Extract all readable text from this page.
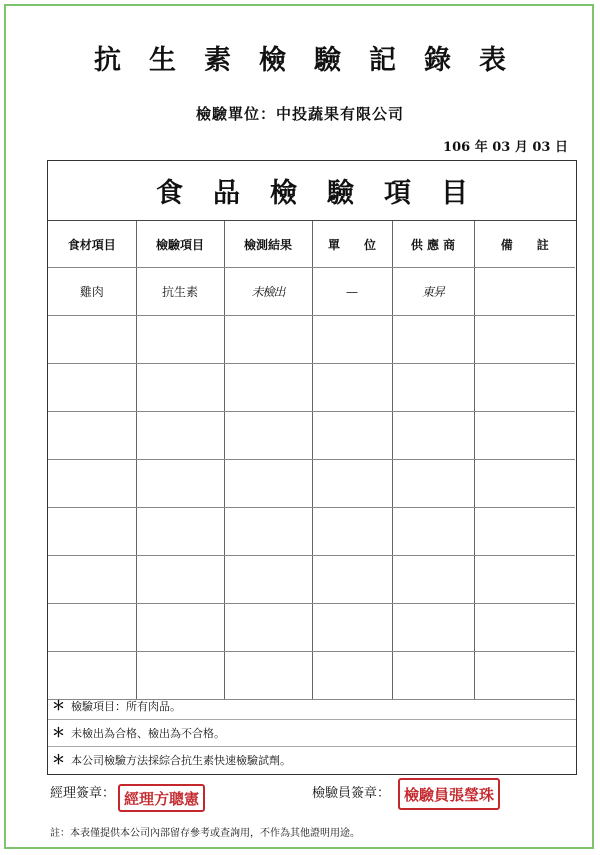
抗生素檢驗記錄表
檢驗單位：中投蔬果有限公司
106 年 03 月 03 日
食品檢驗項目
食材項目	檢驗項目	檢測結果	單　　位	供 應 商	備　　註
雞肉	抗生素	未檢出	—	東昇	

＊ 檢驗項目：所有肉品。
＊ 未檢出為合格、檢出為不合格。
＊ 本公司檢驗方法採綜合抗生素快速檢驗試劑。
經理簽章： 經理方聰憲	檢驗員簽章： 檢驗員張瑩珠
註：本表僅提供本公司內部留存參考或查詢用，不作為其他證明用途。
